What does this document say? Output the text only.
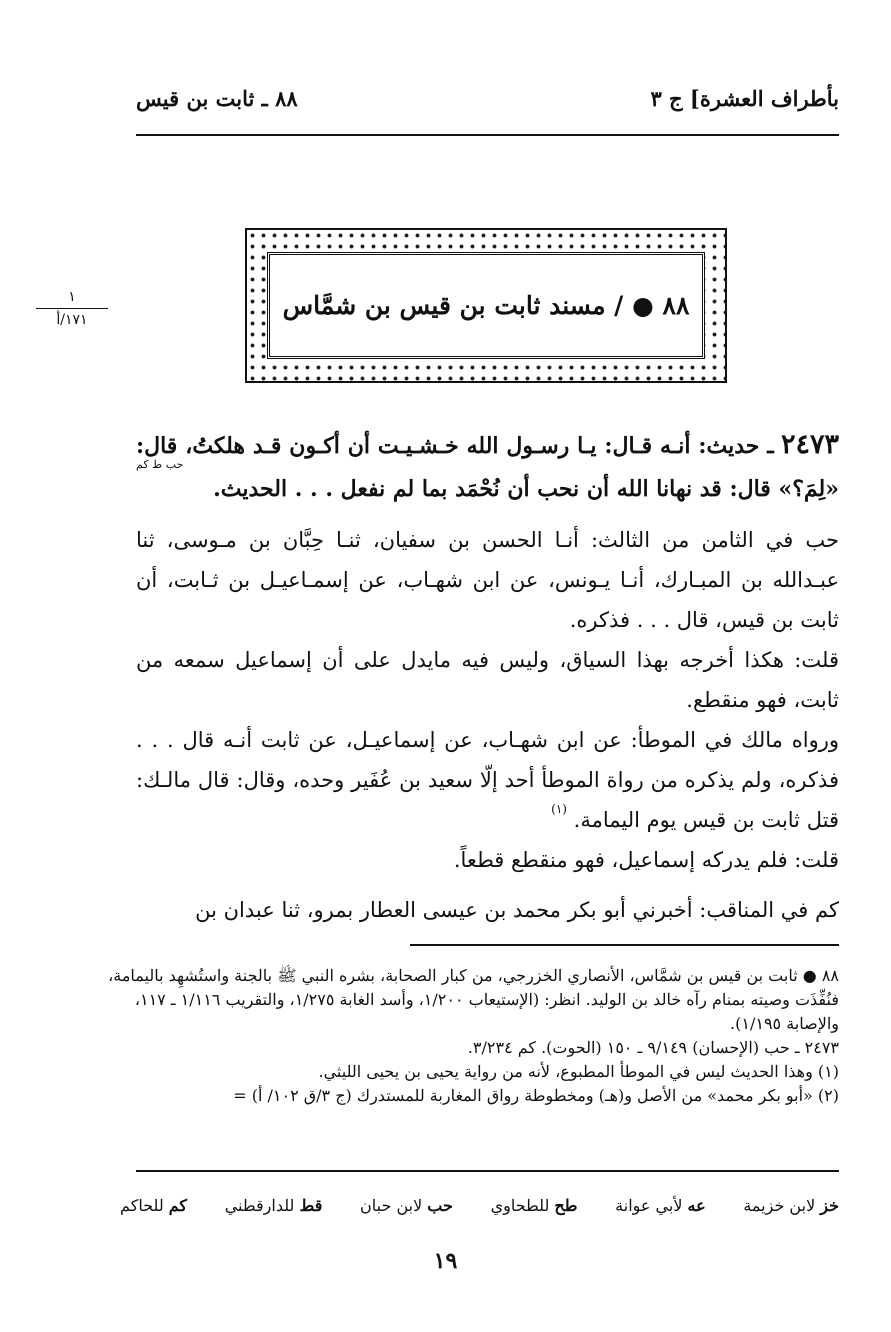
بأطراف العشرة] ج ٣
٨٨ ـ ثابت بن قيس
٨٨ ● / مسند ثابت بن قيس بن شمَّاس
١
١٧١/أ
حب ط كم
٢٤٧٣ ـ حديث: أنـه قـال: يـا رسـول الله خـشـيـت أن أكـون قـد هلكتُ، قال: «لِمَ؟» قال: قد نهانا الله أن نحب أن نُحْمَد بما لم نفعل . . . الحديث.
حب في الثامن من الثالث: أنـا الحسن بن سفيان، ثنـا حِبَّان بن مـوسى، ثنا عبـدالله بن المبـارك، أنـا يـونس، عن ابن شهـاب، عن إسمـاعيـل بن ثـابت، أن ثابت بن قيس، قال . . . فذكره.
قلت: هكذا أخرجه بهذا السياق، وليس فيه مايدل على أن إسماعيل سمعه من ثابت، فهو منقطع.
ورواه مالك في الموطأ: عن ابن شهـاب، عن إسماعيـل، عن ثابت أنـه قال . . . فذكره، ولم يذكره من رواة الموطأ أحد إلّا سعيد بن عُفَير وحده، وقال: قال مالـك: قتل ثابت بن قيس يوم اليمامة. $^{(١)}$
قلت: فلم يدركه إسماعيل، فهو منقطع قطعاً.
كم في المناقب: أخبرني أبو بكر محمد بن عيسى العطار بمرو، ثنا عبدان بن

٨٨ ● ثابت بن قيس بن شمَّاس، الأنصاري الخزرجي، من كبار الصحابة، بشره النبي ﷺ بالجنة واستُشهِد باليمامة، فنُفِّذَت وصيته بمنام رآه خالد بن الوليد. انظر: (الإستيعاب ١/٢٠٠، وأسد الغابة ١/٢٧٥، والتقريب ١/١١٦ ـ ١١٧، والإصابة ١/١٩٥).

٢٤٧٣ ـ حب (الإحسان) ٩/١٤٩ ـ ١٥٠ (الحوت). كم ٣/٢٣٤.

(١) وهذا الحديث ليس في الموطأ المطبوع، لأنه من رواية يحيى بن يحيى الليثي.

(٢) «أبو بكر محمد» من الأصل و(هـ) ومخطوطة رواق المغاربة للمستدرك (ج ٣/ق ١٠٢/ أ) =

خز لابن خزيمة
عه لأبي عوانة
طح للطحاوي
حب لابن حبان
قط للدارقطني
كم للحاكم
١٩
